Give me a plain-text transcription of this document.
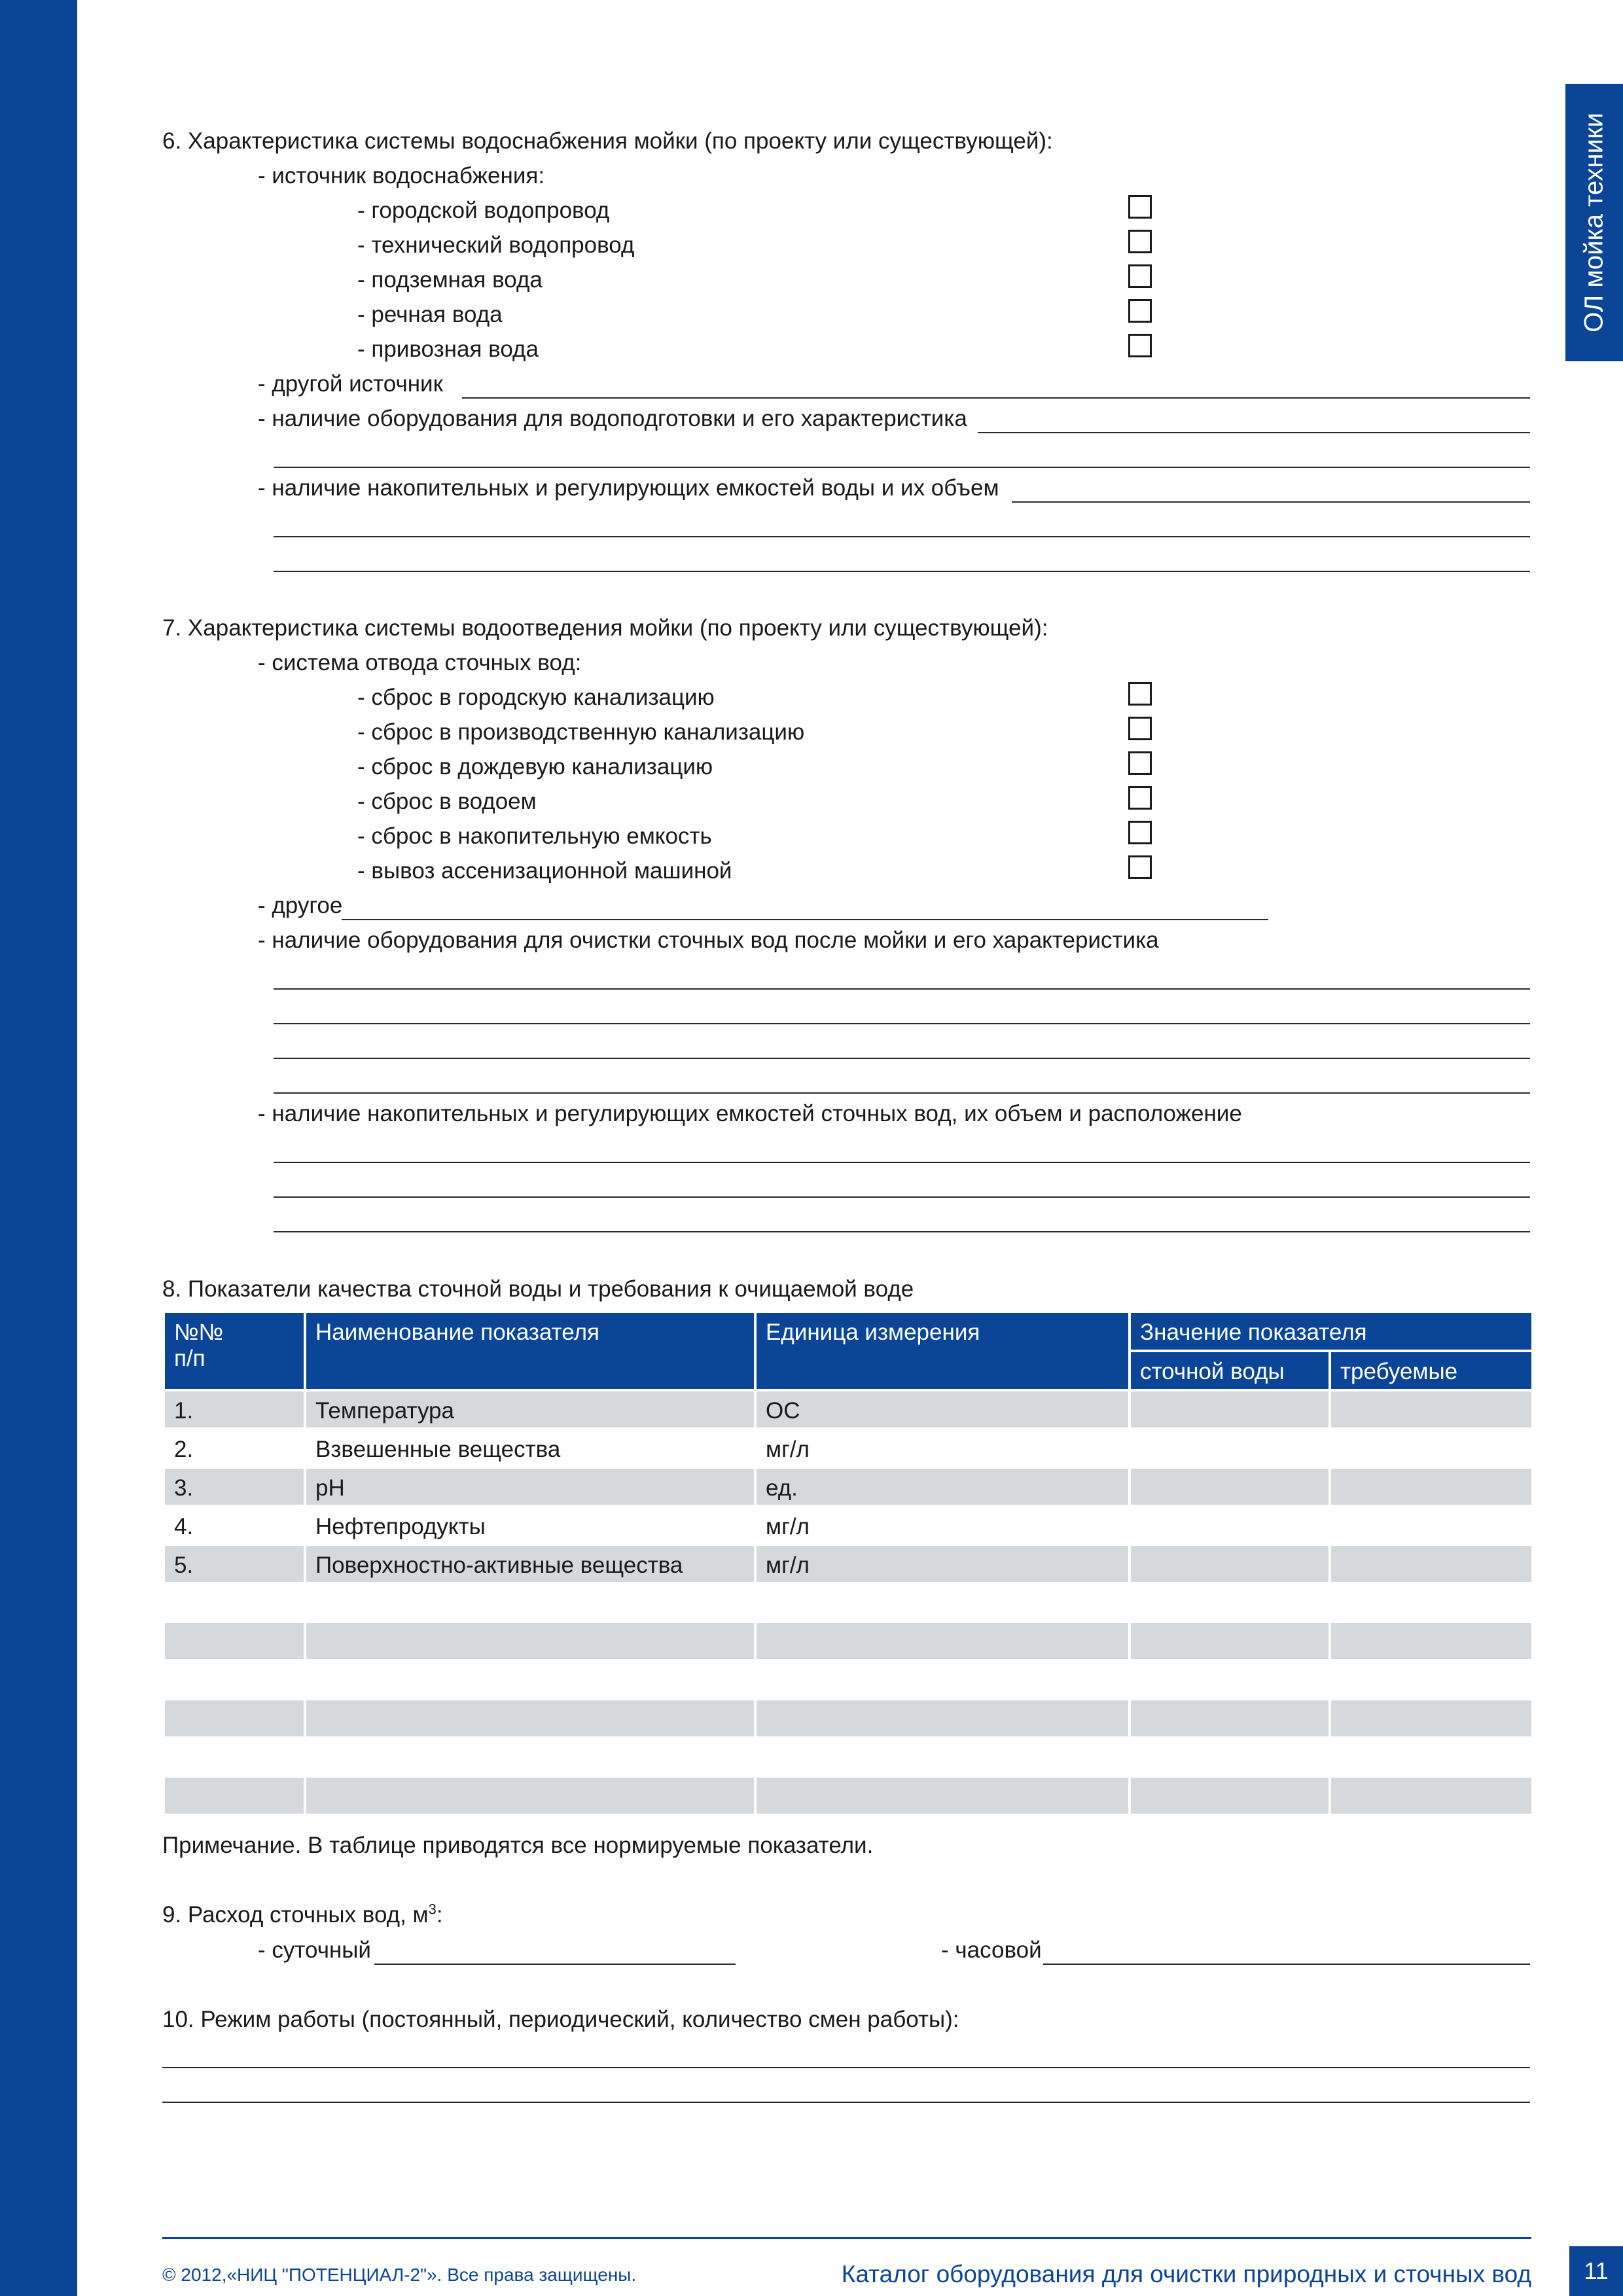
ОЛ мойка техники
6. Характеристика системы водоснабжения мойки (по проекту или существующей):
- источник водоснабжения:
- городской водопровод
- технический водопровод
- подземная вода
- речная вода
- привозная вода
- другой источник
- наличие оборудования для водоподготовки и его характеристика
- наличие накопительных и регулирующих емкостей воды и их объем
7. Характеристика системы водоотведения мойки (по проекту или существующей):
- система отвода сточных вод:
- сброс в городскую канализацию
- сброс в производственную канализацию
- сброс в дождевую канализацию
- сброс в водоем
- сброс в накопительную емкость
- вывоз ассенизационной машиной
- другое
- наличие оборудования для очистки сточных вод после мойки и его характеристика
- наличие накопительных и регулирующих емкостей сточных вод, их объем и расположение
8. Показатели качества сточной воды и требования к очищаемой воде
№№
п/п
Наименование показателя	Единица измерения	Значение показателя
сточной воды	требуемые
1.	Температура	ОС
2.	Взвешенные вещества	мг/л
3.	pH	ед.
4.	Нефтепродукты	мг/л
5.	Поверхностно-активные вещества	мг/л
Примечание. В таблице приводятся все нормируемые показатели.
9. Расход сточных вод, $м^3$:
- суточный	- часовой
10. Режим работы (постоянный, периодический, количество смен работы):
© 2012,«НИЦ "ПОТЕНЦИАЛ-2"». Все права защищены.	Каталог оборудования для очистки природных и сточных вод	11
